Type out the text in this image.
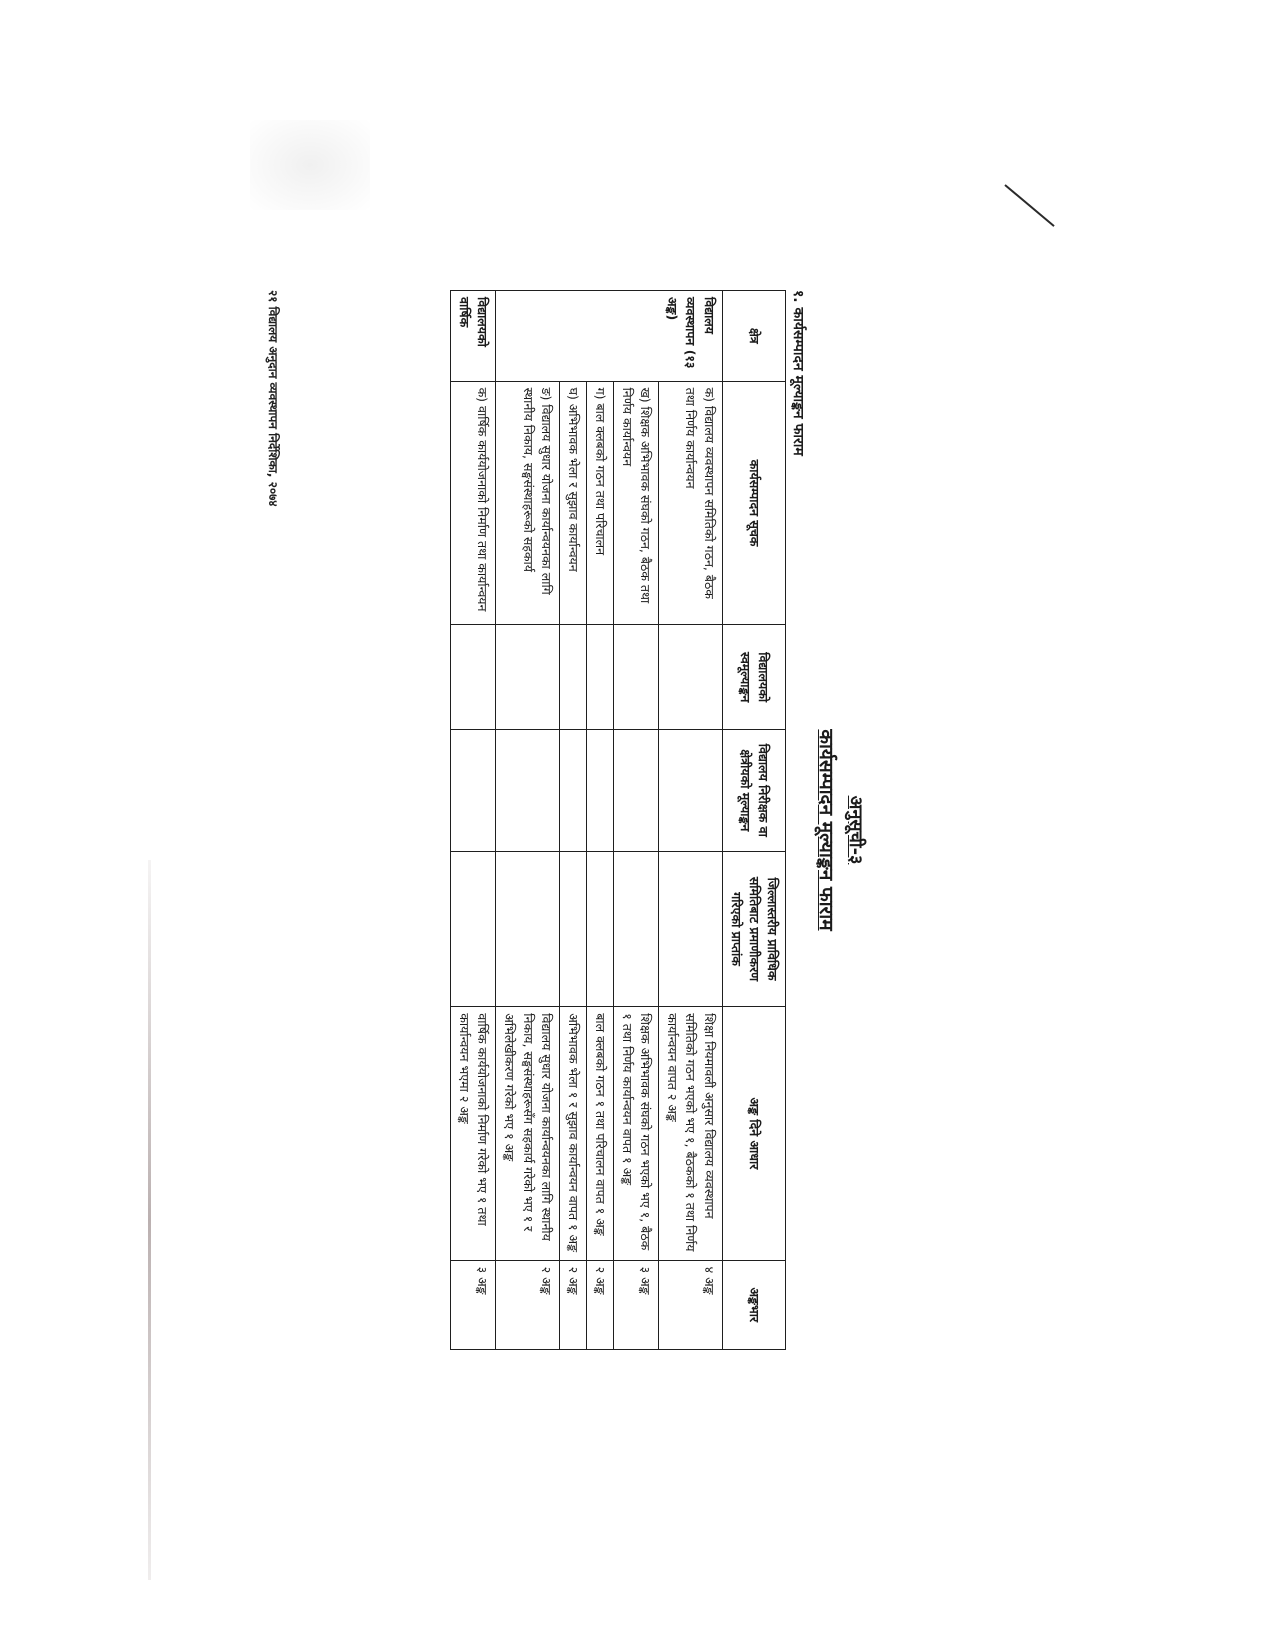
अनुसूची-३
कार्यसम्पादन मूल्याङ्कन फाराम
१. कार्यसम्पादन मूल्याङ्कन फाराम
क्षेत्र	कार्यसम्पादन सूचक	विद्यालयको स्वमूल्याङ्कन	विद्यालय निरीक्षक वा क्षेत्रीयको मूल्याङ्कन	जिल्लास्तरीय प्राविधिक समितिबाट प्रमाणीकरण गरिएको प्राप्तांक	अङ्क दिने आधार	अङ्कभार
विद्यालय व्यवस्थापन (१३ अङ्क)	क) विद्यालय व्यवस्थापन समितिको गठन, बैठक तथा निर्णय कार्यान्वयन				शिक्षा नियमावली अनुसार विद्यालय व्यवस्थापन समितिको गठन भएको भए १, बैठकको १ तथा निर्णय कार्यान्वयन वापत २ अङ्क	४ अङ्क
	ख) शिक्षक अभिभावक संघको गठन, बैठक तथा निर्णय कार्यान्वयन				शिक्षक अभिभावक संघको गठन भएको भए १, बैठक १ तथा निर्णय कार्यान्वयन वापत १ अङ्क	३ अङ्क
	ग) बाल क्लबको गठन तथा परिचालन				बाल क्लबको गठन १ तथा परिचालन वापत १ अङ्क	२ अङ्क
	घ) अभिभावक भेला र सुझाव कार्यान्वयन				अभिभावक भेला १ र सुझाव कार्यान्वयन वापत १ अङ्क	२ अङ्क
	ङ) विद्यालय सुधार योजना कार्यान्वयनका लागि स्थानीय निकाय, सङ्घसंस्थाहरूको सहकार्य				विद्यालय सुधार योजना कार्यान्वयनका लागि स्थानीय निकाय, सङ्घसंस्थाहरूसँग सहकार्य गरेको भए १ र अभिलेखीकरण गरेको भए १ अङ्क	२ अङ्क
विद्यालयको वार्षिक	क) वार्षिक कार्ययोजनाको निर्माण तथा कार्यान्वयन				वार्षिक कार्ययोजनाको निर्माण गरेको भए १ तथा कार्यान्वयन भएमा २ अङ्क	३ अङ्क
२१ विद्यालय अनुदान व्यवस्थापन निर्देशिका, २०७४
